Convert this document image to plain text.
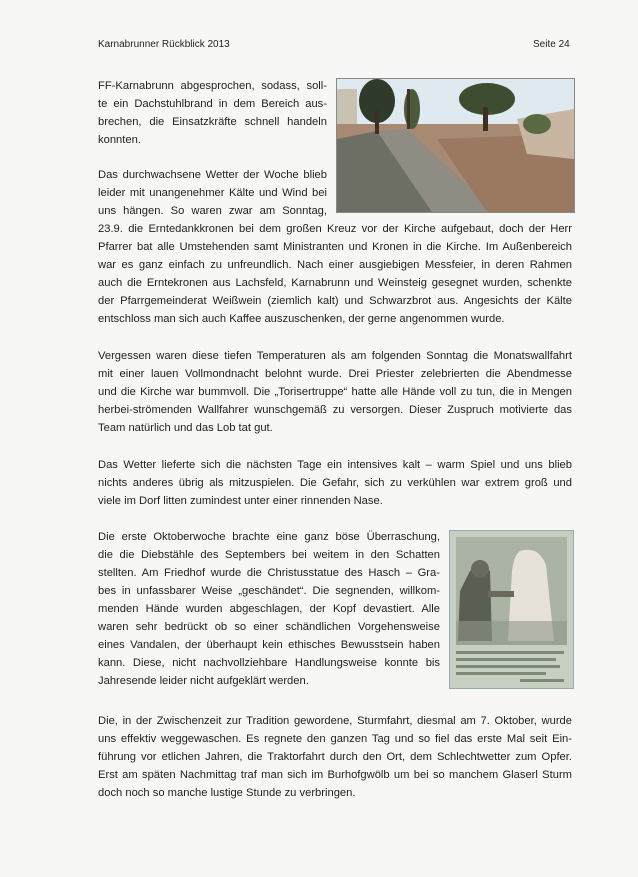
Karnabrunner Rückblick 2013	Seite 24
FF-Karnabrunn abgesprochen, sodass, soll-
te ein Dachstuhlbrand in dem Bereich aus-
brechen, die Einsatzkräfte schnell handeln
konnten.
Das durchwachsene Wetter der Woche blieb
leider mit unangenehmer Kälte und Wind bei
uns hängen. So waren zwar am Sonntag,
23.9. die Erntedankkronen bei dem großen Kreuz vor der Kirche aufgebaut, doch der Herr
Pfarrer bat alle Umstehenden samt Ministranten und Kronen in die Kirche. Im Außenbereich
war es ganz einfach zu unfreundlich. Nach einer ausgiebigen Messfeier, in deren Rahmen
auch die Erntekronen aus Lachsfeld, Karnabrunn und Weinsteig gesegnet wurden, schenkte
der Pfarrgemeinderat Weißwein (ziemlich kalt) und Schwarzbrot aus. Angesichts der Kälte
entschloss man sich auch Kaffee auszuschenken, der gerne angenommen wurde.
Vergessen waren diese tiefen Temperaturen als am folgenden Sonntag die Monatswallfahrt
mit einer lauen Vollmondnacht belohnt wurde. Drei Priester zelebrierten die Abendmesse
und die Kirche war bummvoll. Die „Torisertruppe“ hatte alle Hände voll zu tun, die in Mengen
herbei-strömenden Wallfahrer wunschgemäß zu versorgen. Dieser Zuspruch motivierte das
Team natürlich und das Lob tat gut.
Das Wetter lieferte sich die nächsten Tage ein intensives kalt – warm Spiel und uns blieb
nichts anderes übrig als mitzuspielen. Die Gefahr, sich zu verkühlen war extrem groß und
viele im Dorf litten zumindest unter einer rinnenden Nase.
Die erste Oktoberwoche brachte eine ganz böse Überraschung,
die die Diebstähle des Septembers bei weitem in den Schatten
stellten. Am Friedhof wurde die Christusstatue des Hasch – Gra-
bes in unfassbarer Weise „geschändet“. Die segnenden, willkom-
menden Hände wurden abgeschlagen, der Kopf devastiert. Alle
waren sehr bedrückt ob so einer schändlichen Vorgehensweise
eines Vandalen, der überhaupt kein ethisches Bewusstsein haben
kann. Diese, nicht nachvollziehbare Handlungsweise konnte bis
Jahresende leider nicht aufgeklärt werden.
Die, in der Zwischenzeit zur Tradition gewordene, Sturmfahrt, diesmal am 7. Oktober, wurde
uns effektiv weggewaschen. Es regnete den ganzen Tag und so fiel das erste Mal seit Ein-
führung vor etlichen Jahren, die Traktorfahrt durch den Ort, dem Schlechtwetter zum Opfer.
Erst am späten Nachmittag traf man sich im Burhofgwölb um bei so manchem Glaserl Sturm
doch noch so manche lustige Stunde zu verbringen.
